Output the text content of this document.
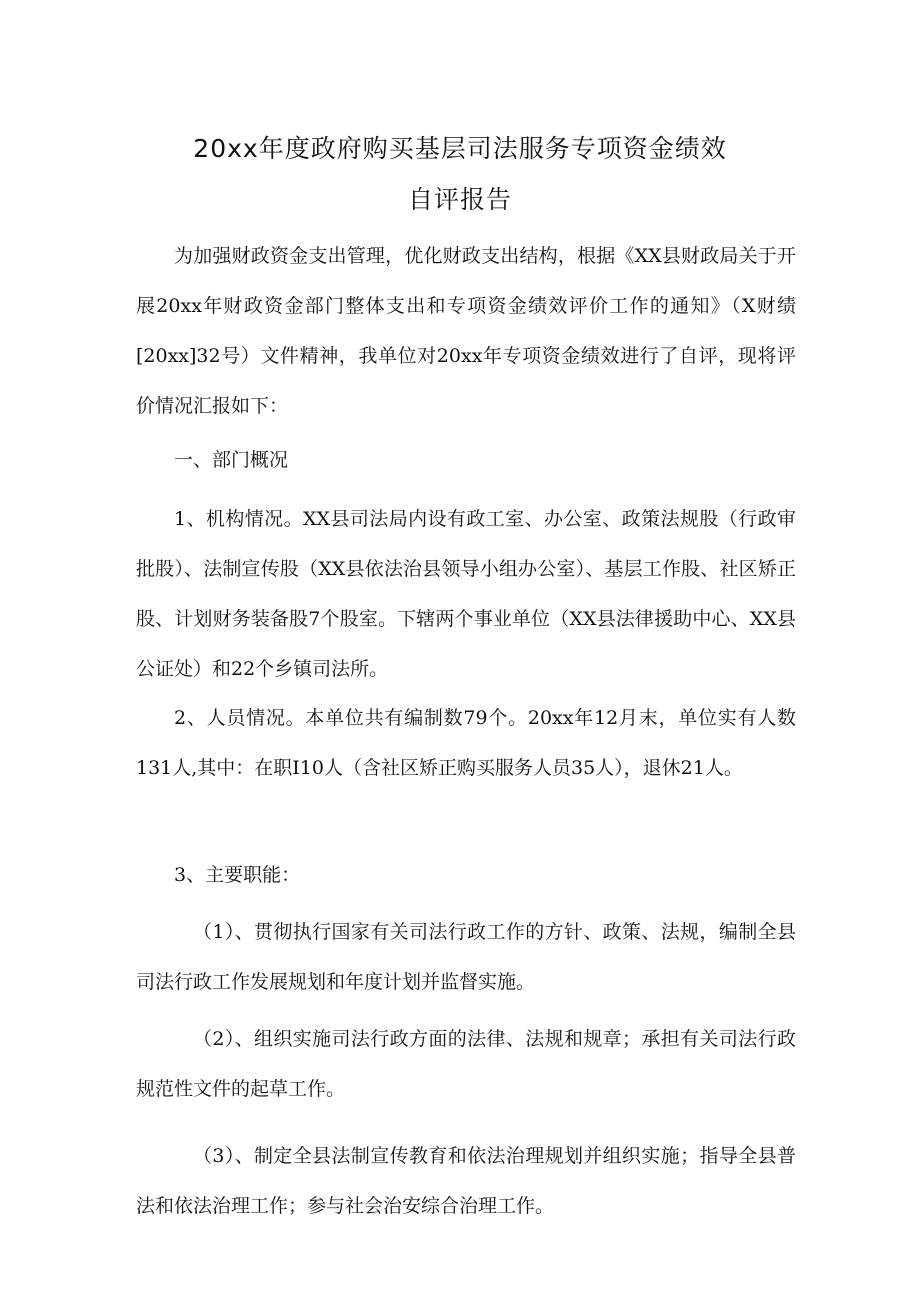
20xx年度政府购买基层司法服务专项资金绩效
自评报告

为加强财政资金支出管理，优化财政支出结构，根据《XX县财政局关于开展20xx年财政资金部门整体支出和专项资金绩效评价工作的通知》（X财绩[20xx]32号）文件精神，我单位对20xx年专项资金绩效进行了自评，现将评价情况汇报如下：

一、部门概况

1、机构情况。XX县司法局内设有政工室、办公室、政策法规股（行政审批股）、法制宣传股（XX县依法治县领导小组办公室）、基层工作股、社区矫正股、计划财务装备股7个股室。下辖两个事业单位（XX县法律援助中心、XX县公证处）和22个乡镇司法所。

2、人员情况。本单位共有编制数79个。20xx年12月末，单位实有人数131人,其中：在职I10人（含社区矫正购买服务人员35人），退休21人。

3、主要职能：

（1）、贯彻执行国家有关司法行政工作的方针、政策、法规，编制全县司法行政工作发展规划和年度计划并监督实施。

（2）、组织实施司法行政方面的法律、法规和规章；承担有关司法行政规范性文件的起草工作。

（3）、制定全县法制宣传教育和依法治理规划并组织实施；指导全县普法和依法治理工作；参与社会治安综合治理工作。
